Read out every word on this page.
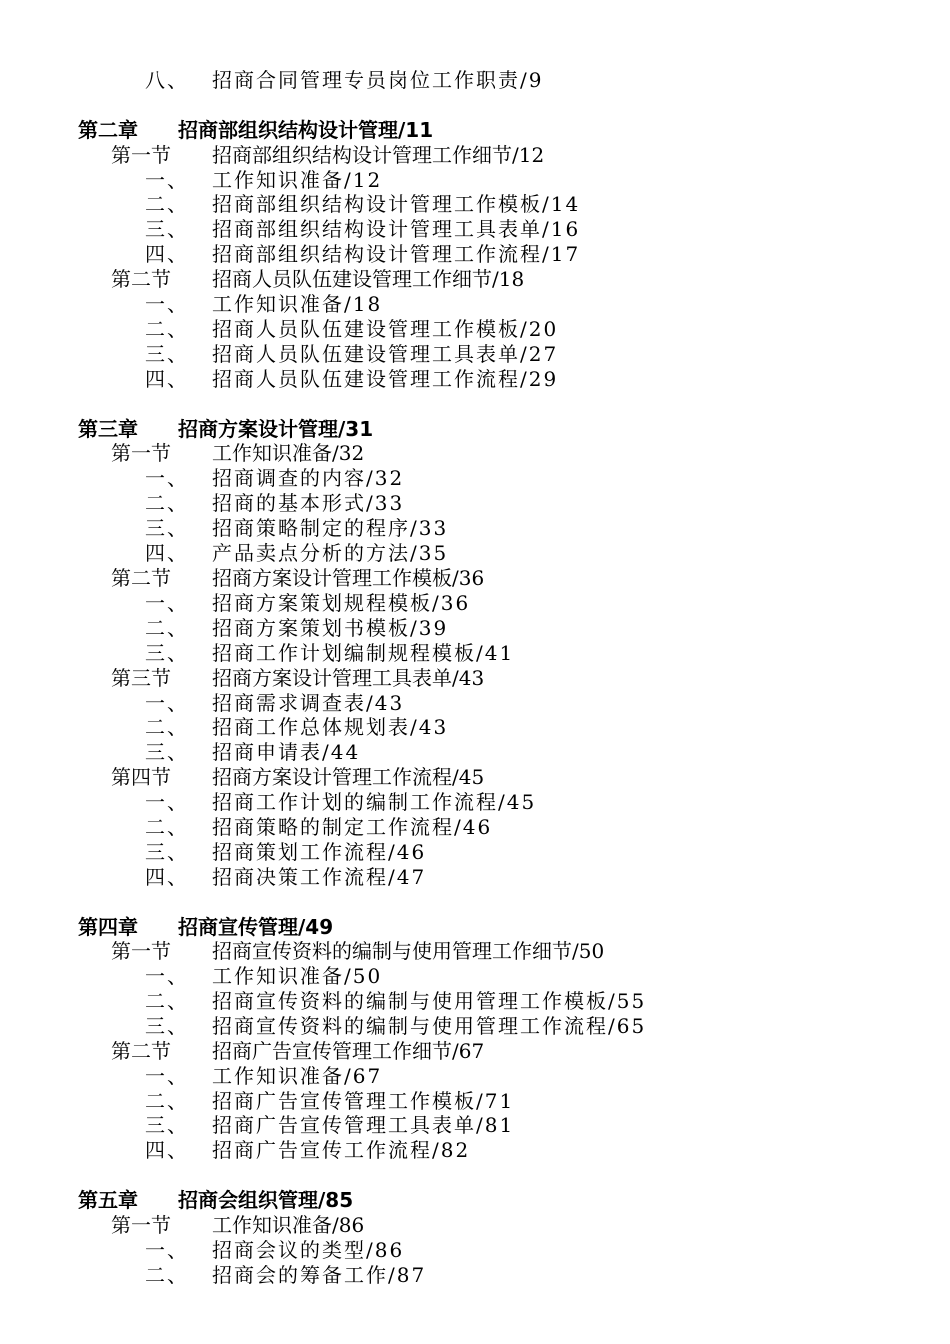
八、 招商合同管理专员岗位工作职责/9
第二章 招商部组织结构设计管理/11
第一节 招商部组织结构设计管理工作细节/12
一、 工作知识准备/12
二、 招商部组织结构设计管理工作模板/14
三、 招商部组织结构设计管理工具表单/16
四、 招商部组织结构设计管理工作流程/17
第二节 招商人员队伍建设管理工作细节/18
一、 工作知识准备/18
二、 招商人员队伍建设管理工作模板/20
三、 招商人员队伍建设管理工具表单/27
四、 招商人员队伍建设管理工作流程/29
第三章 招商方案设计管理/31
第一节 工作知识准备/32
一、 招商调查的内容/32
二、 招商的基本形式/33
三、 招商策略制定的程序/33
四、 产品卖点分析的方法/35
第二节 招商方案设计管理工作模板/36
一、 招商方案策划规程模板/36
二、 招商方案策划书模板/39
三、 招商工作计划编制规程模板/41
第三节 招商方案设计管理工具表单/43
一、 招商需求调查表/43
二、 招商工作总体规划表/43
三、 招商申请表/44
第四节 招商方案设计管理工作流程/45
一、 招商工作计划的编制工作流程/45
二、 招商策略的制定工作流程/46
三、 招商策划工作流程/46
四、 招商决策工作流程/47
第四章 招商宣传管理/49
第一节 招商宣传资料的编制与使用管理工作细节/50
一、 工作知识准备/50
二、 招商宣传资料的编制与使用管理工作模板/55
三、 招商宣传资料的编制与使用管理工作流程/65
第二节 招商广告宣传管理工作细节/67
一、 工作知识准备/67
二、 招商广告宣传管理工作模板/71
三、 招商广告宣传管理工具表单/81
四、 招商广告宣传工作流程/82
第五章 招商会组织管理/85
第一节 工作知识准备/86
一、 招商会议的类型/86
二、 招商会的筹备工作/87
